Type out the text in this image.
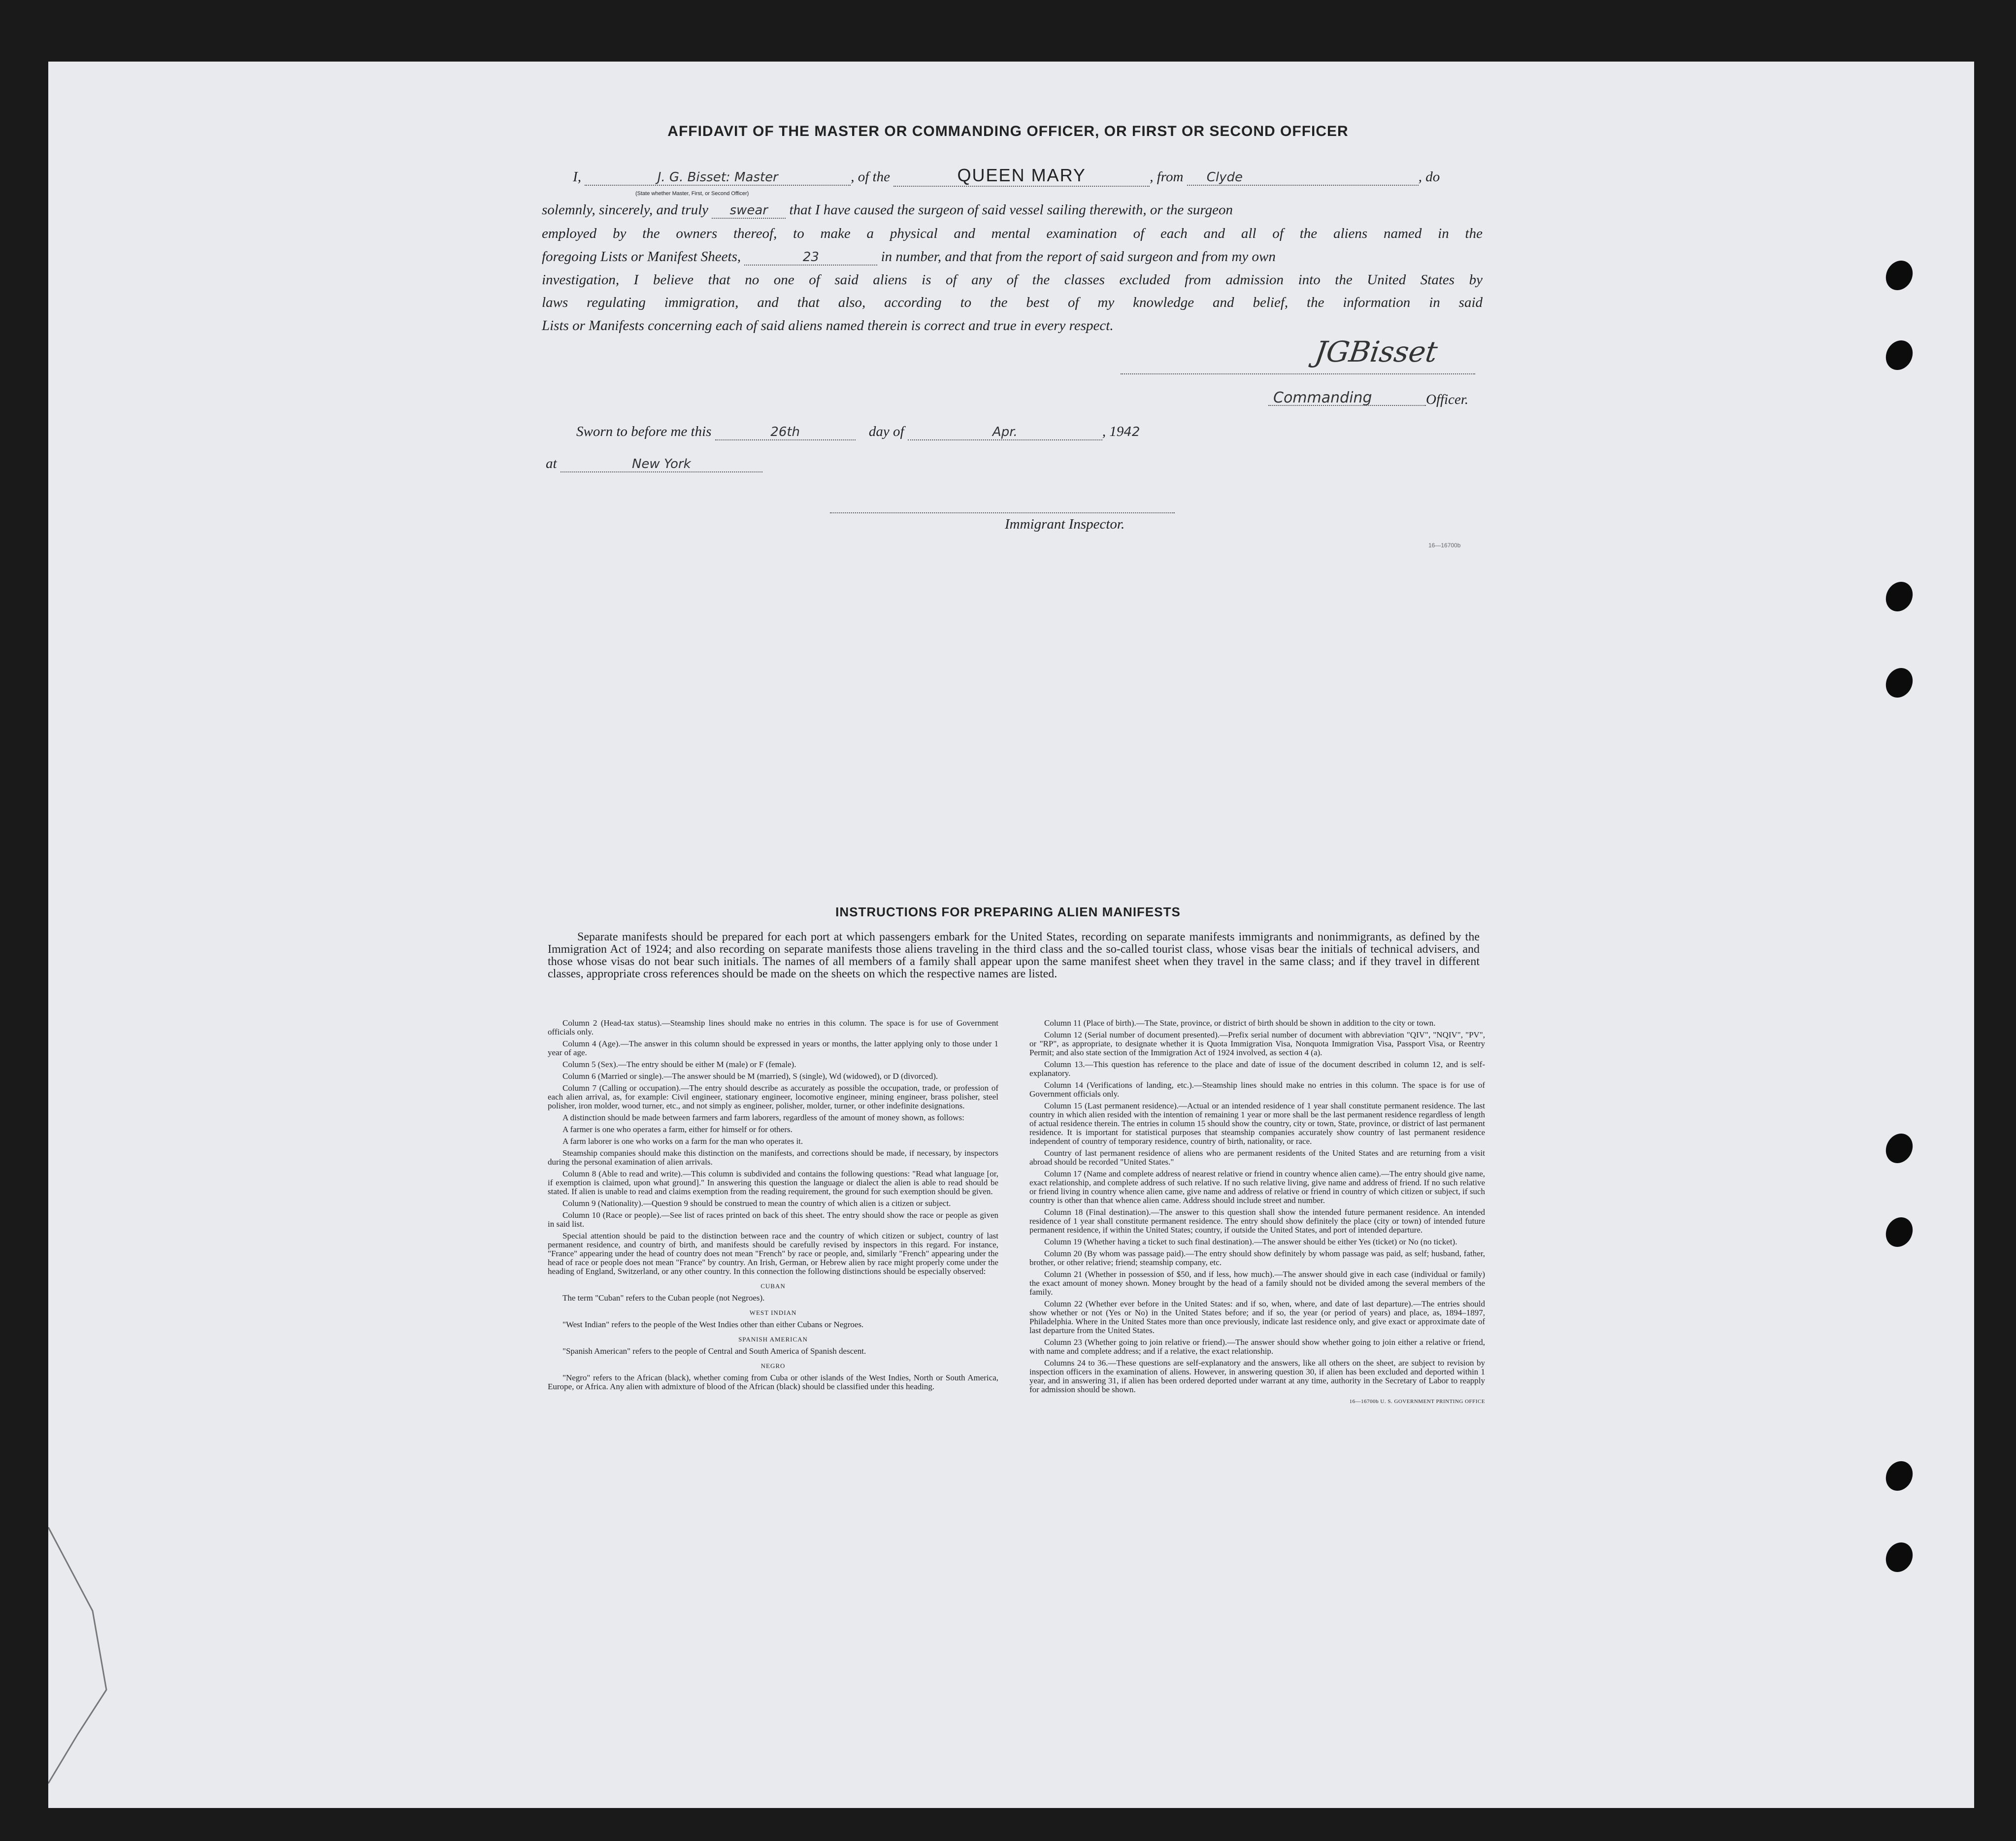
AFFIDAVIT OF THE MASTER OR COMMANDING OFFICER, OR FIRST OR SECOND OFFICER
I,	J. G. Bisset: Master	, of the	QUEEN MARY	, from Clyde	, do
(State whether Master, First, or Second Officer)
solemnly, sincerely, and truly swear that I have caused the surgeon of said vessel sailing therewith, or the surgeon
employed by the owners thereof, to make a physical and mental examination of each and all of the aliens named in the
foregoing Lists or Manifest Sheets,	23	in number, and that from the report of said surgeon and from my own
investigation, I believe that no one of said aliens is of any of the classes excluded from admission into the United States by
laws regulating immigration, and that also, according to the best of my knowledge and belief, the information in said
Lists or Manifests concerning each of said aliens named therein is correct and true in every respect.
JGBisset
Commanding	Officer.
Sworn to before me this	26th	day of	Apr.	, 1942
at	New York
Immigrant Inspector.
16—16700b
INSTRUCTIONS FOR PREPARING ALIEN MANIFESTS
Separate manifests should be prepared for each port at which passengers embark for the United States, recording on separate manifests immigrants and nonimmigrants, as defined by the Immigration Act of 1924; and also recording on separate manifests those aliens traveling in the third class and the so-called tourist class, whose visas bear the initials of technical advisers, and those whose visas do not bear such initials. The names of all members of a family shall appear upon the same manifest sheet when they travel in the same class; and if they travel in different classes, appropriate cross references should be made on the sheets on which the respective names are listed.

Column 2 (Head-tax status).—Steamship lines should make no entries in this column. The space is for use of Government officials only.

Column 4 (Age).—The answer in this column should be expressed in years or months, the latter applying only to those under 1 year of age.

Column 5 (Sex).—The entry should be either M (male) or F (female).

Column 6 (Married or single).—The answer should be M (married), S (single), Wd (widowed), or D (divorced).

Column 7 (Calling or occupation).—The entry should describe as accurately as possible the occupation, trade, or profession of each alien arrival, as, for example: Civil engineer, stationary engineer, locomotive engineer, mining engineer, brass polisher, steel polisher, iron molder, wood turner, etc., and not simply as engineer, polisher, molder, turner, or other indefinite designations.

A distinction should be made between farmers and farm laborers, regardless of the amount of money shown, as follows:

A farmer is one who operates a farm, either for himself or for others.

A farm laborer is one who works on a farm for the man who operates it.

Steamship companies should make this distinction on the manifests, and corrections should be made, if necessary, by inspectors during the personal examination of alien arrivals.

Column 8 (Able to read and write).—This column is subdivided and contains the following questions: "Read what language [or, if exemption is claimed, upon what ground]." In answering this question the language or dialect the alien is able to read should be stated. If alien is unable to read and claims exemption from the reading requirement, the ground for such exemption should be given.

Column 9 (Nationality).—Question 9 should be construed to mean the country of which alien is a citizen or subject.

Column 10 (Race or people).—See list of races printed on back of this sheet. The entry should show the race or people as given in said list.

Special attention should be paid to the distinction between race and the country of which citizen or subject, country of last permanent residence, and country of birth, and manifests should be carefully revised by inspectors in this regard. For instance, "France" appearing under the head of country does not mean "French" by race or people, and, similarly "French" appearing under the head of race or people does not mean "France" by country. An Irish, German, or Hebrew alien by race might properly come under the heading of England, Switzerland, or any other country. In this connection the following distinctions should be especially observed:

CUBAN

The term "Cuban" refers to the Cuban people (not Negroes).

WEST INDIAN

"West Indian" refers to the people of the West Indies other than either Cubans or Negroes.

SPANISH AMERICAN

"Spanish American" refers to the people of Central and South America of Spanish descent.

NEGRO

"Negro" refers to the African (black), whether coming from Cuba or other islands of the West Indies, North or South America, Europe, or Africa. Any alien with admixture of blood of the African (black) should be classified under this heading.

Column 11 (Place of birth).—The State, province, or district of birth should be shown in addition to the city or town.

Column 12 (Serial number of document presented).—Prefix serial number of document with abbreviation "QIV", "NQIV", "PV", or "RP", as appropriate, to designate whether it is Quota Immigration Visa, Nonquota Immigration Visa, Passport Visa, or Reentry Permit; and also state section of the Immigration Act of 1924 involved, as section 4 (a).

Column 13.—This question has reference to the place and date of issue of the document described in column 12, and is self-explanatory.

Column 14 (Verifications of landing, etc.).—Steamship lines should make no entries in this column. The space is for use of Government officials only.

Column 15 (Last permanent residence).—Actual or an intended residence of 1 year shall constitute permanent residence. The last country in which alien resided with the intention of remaining 1 year or more shall be the last permanent residence regardless of length of actual residence therein. The entries in column 15 should show the country, city or town, State, province, or district of last permanent residence. It is important for statistical purposes that steamship companies accurately show country of last permanent residence independent of country of temporary residence, country of birth, nationality, or race.

Country of last permanent residence of aliens who are permanent residents of the United States and are returning from a visit abroad should be recorded "United States."

Column 17 (Name and complete address of nearest relative or friend in country whence alien came).—The entry should give name, exact relationship, and complete address of such relative. If no such relative living, give name and address of friend. If no such relative or friend living in country whence alien came, give name and address of relative or friend in country of which citizen or subject, if such country is other than that whence alien came. Address should include street and number.

Column 18 (Final destination).—The answer to this question shall show the intended future permanent residence. An intended residence of 1 year shall constitute permanent residence. The entry should show definitely the place (city or town) of intended future permanent residence, if within the United States; country, if outside the United States, and port of intended departure.

Column 19 (Whether having a ticket to such final destination).—The answer should be either Yes (ticket) or No (no ticket).

Column 20 (By whom was passage paid).—The entry should show definitely by whom passage was paid, as self; husband, father, brother, or other relative; friend; steamship company, etc.

Column 21 (Whether in possession of $50, and if less, how much).—The answer should give in each case (individual or family) the exact amount of money shown. Money brought by the head of a family should not be divided among the several members of the family.

Column 22 (Whether ever before in the United States: and if so, when, where, and date of last departure).—The entries should show whether or not (Yes or No) in the United States before; and if so, the year (or period of years) and place, as, 1894–1897, Philadelphia. Where in the United States more than once previously, indicate last residence only, and give exact or approximate date of last departure from the United States.

Column 23 (Whether going to join relative or friend).—The answer should show whether going to join either a relative or friend, with name and complete address; and if a relative, the exact relationship.

Columns 24 to 36.—These questions are self-explanatory and the answers, like all others on the sheet, are subject to revision by inspection officers in the examination of aliens. However, in answering question 30, if alien has been excluded and deported within 1 year, and in answering 31, if alien has been ordered deported under warrant at any time, authority in the Secretary of Labor to reapply for admission should be shown.

16—16700b U. S. GOVERNMENT PRINTING OFFICE
